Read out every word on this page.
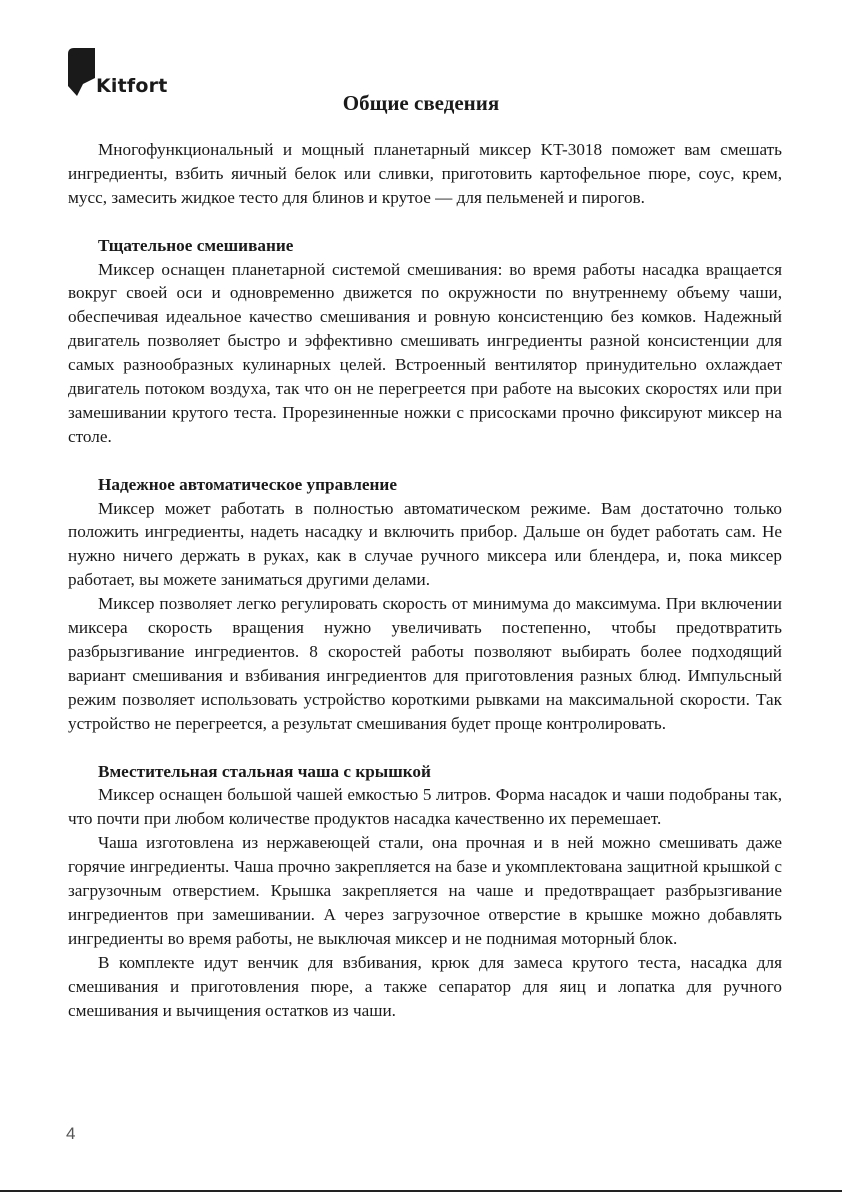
Kitfort
Общие сведения

Многофункциональный и мощный планетарный миксер KT-3018 поможет вам смешать ингредиенты, взбить яичный белок или сливки, приготовить картофельное пюре, соус, крем, мусс, замесить жидкое тесто для блинов и крутое — для пельменей и пирогов.

Тщательное смешивание

Миксер оснащен планетарной системой смешивания: во время работы насадка вращается вокруг своей оси и одновременно движется по окружности по внутреннему объему чаши, обеспечивая идеальное качество смешивания и ровную консистенцию без комков. Надежный двигатель позволяет быстро и эффективно смешивать ингредиенты разной консистенции для самых разнообразных кулинарных целей. Встроенный вентилятор принудительно охлаждает двигатель потоком воздуха, так что он не перегреется при работе на высоких скоростях или при замешивании крутого теста. Прорезиненные ножки с присосками прочно фиксируют миксер на столе.

Надежное автоматическое управление

Миксер может работать в полностью автоматическом режиме. Вам достаточно только положить ингредиенты, надеть насадку и включить прибор. Дальше он будет работать сам. Не нужно ничего держать в руках, как в случае ручного миксера или блендера, и, пока миксер работает, вы можете заниматься другими делами.

Миксер позволяет легко регулировать скорость от минимума до максимума. При включении миксера скорость вращения нужно увеличивать постепенно, чтобы предотвратить разбрызгивание ингредиентов. 8 скоростей работы позволяют выбирать более подходящий вариант смешивания и взбивания ингредиентов для приготовления разных блюд. Импульсный режим позволяет использовать устройство короткими рывками на максимальной скорости. Так устройство не перегреется, а результат смешивания будет проще контролировать.

Вместительная стальная чаша с крышкой

Миксер оснащен большой чашей емкостью 5 литров. Форма насадок и чаши подобраны так, что почти при любом количестве продуктов насадка качественно их перемешает.

Чаша изготовлена из нержавеющей стали, она прочная и в ней можно смешивать даже горячие ингредиенты. Чаша прочно закрепляется на базе и укомплектована защитной крышкой с загрузочным отверстием. Крышка закрепляется на чаше и предотвращает разбрызгивание ингредиентов при замешивании. А через загрузочное отверстие в крышке можно добавлять ингредиенты во время работы, не выключая миксер и не поднимая моторный блок.

В комплекте идут венчик для взбивания, крюк для замеса крутого теста, насадка для смешивания и приготовления пюре, а также сепаратор для яиц и лопатка для ручного смешивания и вычищения остатков из чаши.

4
